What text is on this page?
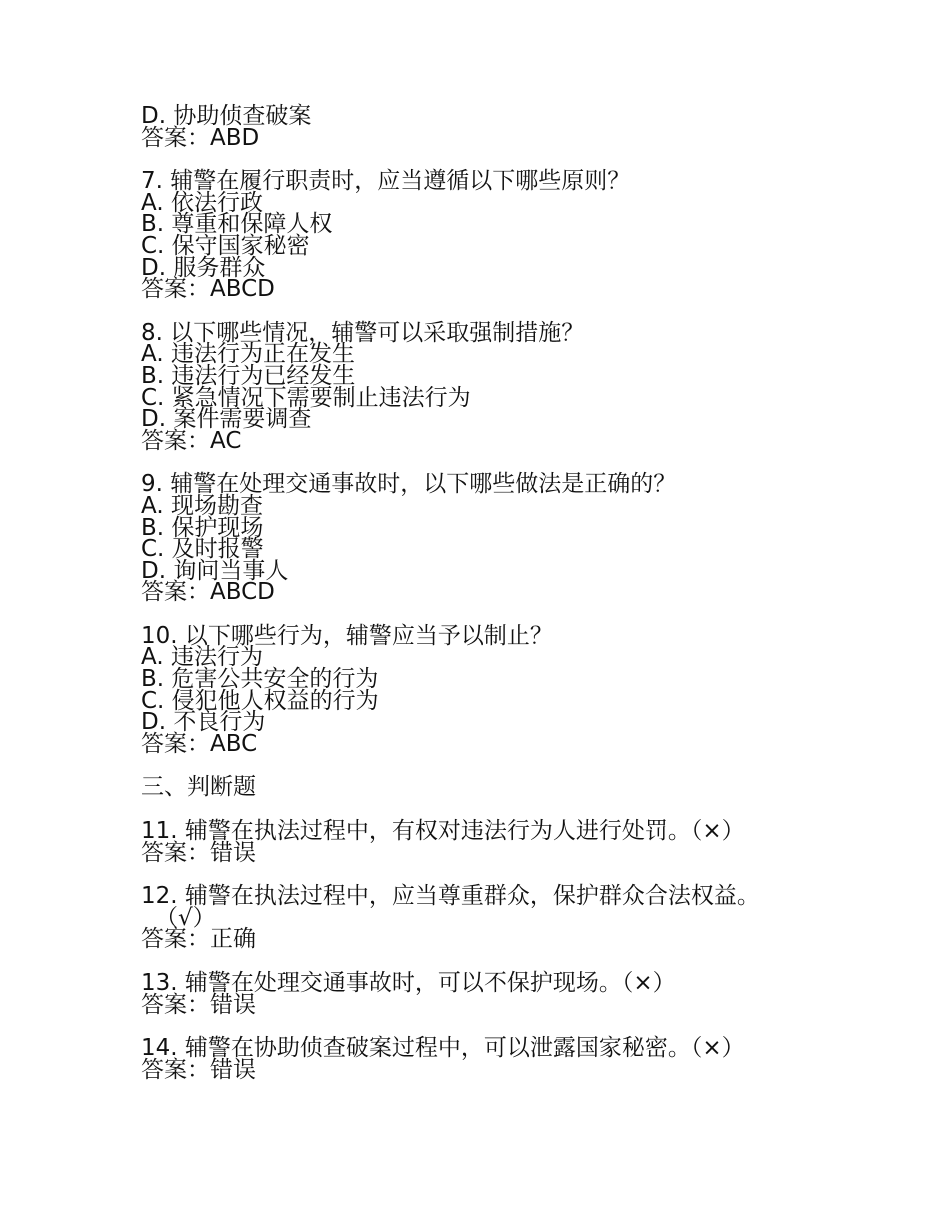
D. 协助侦查破案
答案：ABD
7. 辅警在履行职责时，应当遵循以下哪些原则？
A. 依法行政
B. 尊重和保障人权
C. 保守国家秘密
D. 服务群众
答案：ABCD
8. 以下哪些情况，辅警可以采取强制措施？
A. 违法行为正在发生
B. 违法行为已经发生
C. 紧急情况下需要制止违法行为
D. 案件需要调查
答案：AC
9. 辅警在处理交通事故时，以下哪些做法是正确的？
A. 现场勘查
B. 保护现场
C. 及时报警
D. 询问当事人
答案：ABCD
10. 以下哪些行为，辅警应当予以制止？
A. 违法行为
B. 危害公共安全的行为
C. 侵犯他人权益的行为
D. 不良行为
答案：ABC
三、判断题
11. 辅警在执法过程中，有权对违法行为人进行处罚。（×）
答案：错误
12. 辅警在执法过程中，应当尊重群众，保护群众合法权益。
（√）
答案：正确
13. 辅警在处理交通事故时，可以不保护现场。（×）
答案：错误
14. 辅警在协助侦查破案过程中，可以泄露国家秘密。（×）
答案：错误
